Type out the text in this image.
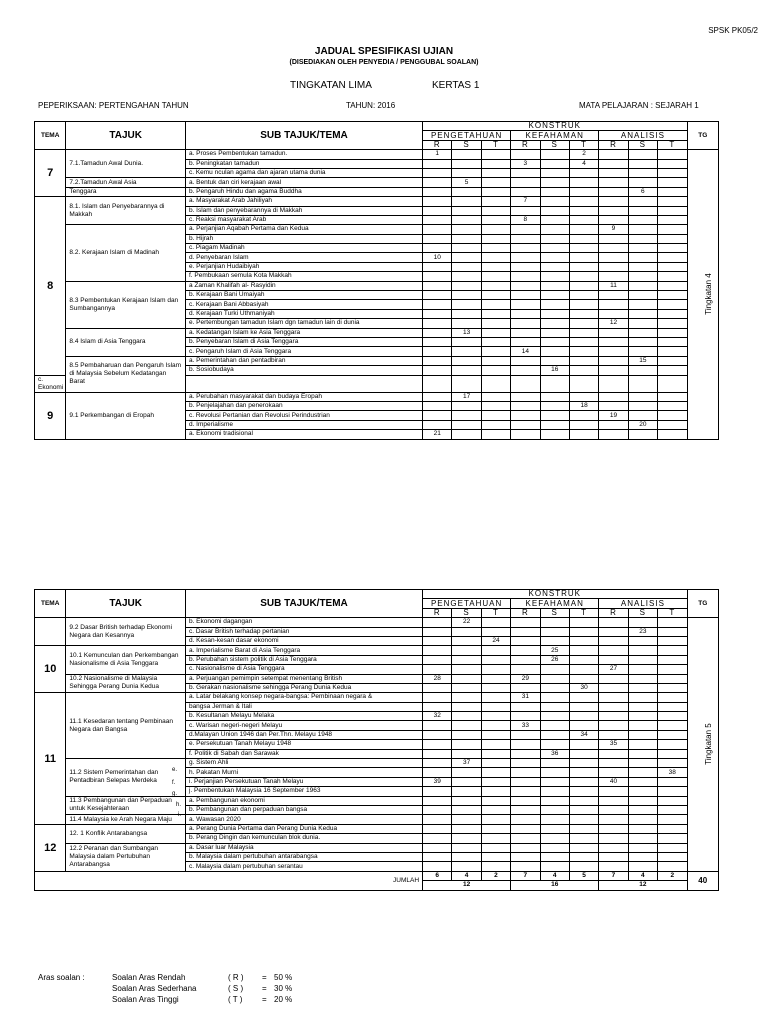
SPSK PK05/2
JADUAL SPESIFIKASI UJIAN
(DISEDIAKAN OLEH PENYEDIA / PENGGUBAL SOALAN)
TINGKATAN LIMA	KERTAS 1
PEPERIKSAAN: PERTENGAHAN TAHUN	TAHUN: 2016	MATA PELAJARAN : SEJARAH 1
TEMA	TAJUK	SUB TAJUK/TEMA	KONSTRUK									TG
			PENGETAHUAN			KEFAHAMAN			ANALISIS			
			R	S	T	R	S	T	R	S	T	
7	7.1.Tamadun Awal Dunia.	a. Proses Pembentukan tamadun.	1					2				Tingkatan 4
		b. Peningkatan tamadun				3		4				
		c. Kemu nculan agama dan ajaran utama dunia										
	7.2.Tamadun Awal Asia	a. Bentuk dan ciri kerajaan awal		5								
	Tenggara	b. Pengaruh Hindu dan agama Buddha								6		
8	8.1. Islam dan Penyebarannya di Makkah	a. Masyarakat Arab Jahiliyah				7						
		b. Islam dan penyebarannya di Makkah										
		c. Reaksi masyarakat Arab				8						
	8.2. Kerajaan Islam di Madinah	a. Perjanjian Aqabah Pertama dan Kedua							9			
		b. Hijrah										
		c. Piagam Madinah										
		d. Penyebaran Islam	10									
		e. Perjanjian Hudaibiyah										
		f. Pembukaan semula Kota Makkah										
	8.3 Pembentukan Kerajaan Islam dan Sumbangannya	a Zaman Khalifah al- Rasyidin							11			
		b. Kerajaan Bani Umaiyah										
		c. Kerajaan Bani Abbasiyah										
		d. Kerajaan Turki Uthmaniyah										
		e. Pertembungan tamadun Islam dgn tamadun lain di dunia							12			
	8.4 Islam di Asia Tenggara	a. Kedatangan Islam ke Asia Tenggara		13								
		b. Penyebaran Islam di Asia Tenggara										
		c. Pengaruh Islam di Asia Tenggara				14						
	8.5 Pembaharuan dan Pengaruh Islam di Malaysia Sebelum Kedatangan Barat	a. Pemerintahan dan pentadbiran								15		
		b. Sosiobudaya					16					
c. Ekonomi												
9	9.1 Perkembangan di Eropah	a. Perubahan masyarakat dan budaya Eropah		17								
		b. Penjelajahan dan penerokaan						18				
		c. Revolusi Pertanian dan Revolusi Perindustrian							19			
		d. Imperialisme								20		
		a. Ekonomi tradisional	21									
TEMA	TAJUK	SUB TAJUK/TEMA	KONSTRUK									TG
			PENGETAHUAN			KEFAHAMAN			ANALISIS			
			R	S	T	R	S	T	R	S	T	
	9.2 Dasar British terhadap Ekonomi Negara dan Kesannya	b. Ekonomi dagangan		22								Tingkatan 5
		c. Dasar British terhadap pertanian								23		
		d. Kesan-kesan dasar ekonomi			24							
10	10.1 Kemunculan dan Perkembangan Nasionalisme di Asia Tenggara	a. Imperialisme Barat di Asia Tenggara					25					
		b. Perubahan sistem politik di Asia Tenggara					26					
		c. Nasionalisme di Asia Tenggara							27			
	10.2 Nasionalisme di Malaysia Sehingga Perang Dunia Kedua	a. Perjuangan pemimpin setempat menentang British	28			29						
		b. Gerakan nasionalisme sehingga Perang Dunia Kedua						30				
11	11.1 Kesedaran tentang Pembinaan Negara dan Bangsa	a. Latar belakang konsep negara-bangsa: Pembinaan negara &				31						
		bangsa Jerman & Itali										
		b. Kesultanan Melayu Melaka	32									
		c. Warisan negeri-negeri Melayu				33						
		d.Malayan Union 1946 dan Per.Thn. Melayu 1948						34				
		e. Persekutuan Tanah Melayu 1948							35			
		f. Politik di Sabah dan Sarawak					36					
	11.2 Sistem Pemerintahan dan Pentadbiran Selepas Merdeka	g. Sistem Ahli		37								
		h. Pakatan Murni									38	
		i. Perjanjian Persekutuan Tanah Melayu	39						40			
		j. Pembentukan Malaysia 16 September 1963										
	11.3 Pembangunan dan Perpaduan untuk Kesejahteraan	a. Pembangunan ekonomi										
		b. Pembangunan dan perpaduan bangsa										
	11.4 Malaysia ke Arah Negara Maju	a. Wawasan 2020										
12	12. 1 Konflik Antarabangsa	a. Perang Dunia Pertama dan Perang Dunia Kedua										
		b. Perang Dingin dan kemunculan blok dunia.										
	12.2 Peranan dan Sumbangan Malaysia dalam Pertubuhan Antarabangsa	a. Dasar luar Malaysia										
		b. Malaysia dalam pertubuhan antarabangsa										
		c. Malaysia dalam pertubuhan serantau										
JUMLAH			6	4	2	7	4	5	7	4	2	40
			12			16			12			
e.
f.
g.
h.
i.
Aras soalan :	Soalan Aras Rendah	( R ) = 50 %
Soalan Aras Sederhana	( S ) = 30 %
Soalan Aras Tinggi	( T ) = 20 %
